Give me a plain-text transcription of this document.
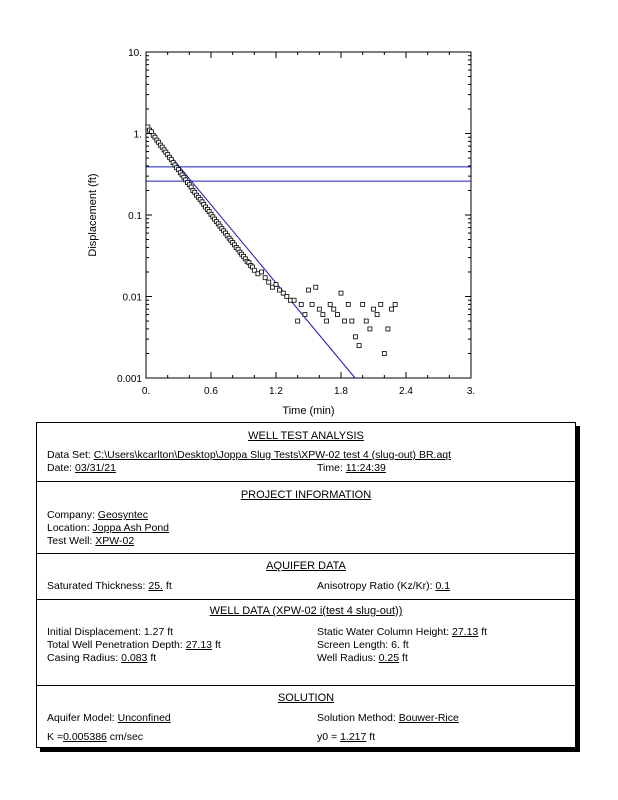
0.	0.6	1.2	1.8	2.4	3.
0.001
0.01
0.1
1.
10.
Time (min)
Displacement (ft)
WELL TEST ANALYSIS
Data Set: C:\Users\kcarlton\Desktop\Joppa Slug Tests\XPW-02 test 4 (slug-out) BR.aqt
Date: 03/31/21	Time: 11:24:39
PROJECT INFORMATION
Company: Geosyntec
Location: Joppa Ash Pond
Test Well: XPW-02
AQUIFER DATA
Saturated Thickness: 25. ft	Anisotropy Ratio (Kz/Kr): 0.1
WELL DATA (XPW-02 i(test 4 slug-out))
Initial Displacement: 1.27 ft	Static Water Column Height: 27.13 ft
Total Well Penetration Depth: 27.13 ft	Screen Length: 6. ft
Casing Radius: 0.083 ft	Well Radius: 0.25 ft
SOLUTION
Aquifer Model: Unconfined	Solution Method: Bouwer-Rice
K =0.005386 cm/sec	y0 = 1.217 ft
